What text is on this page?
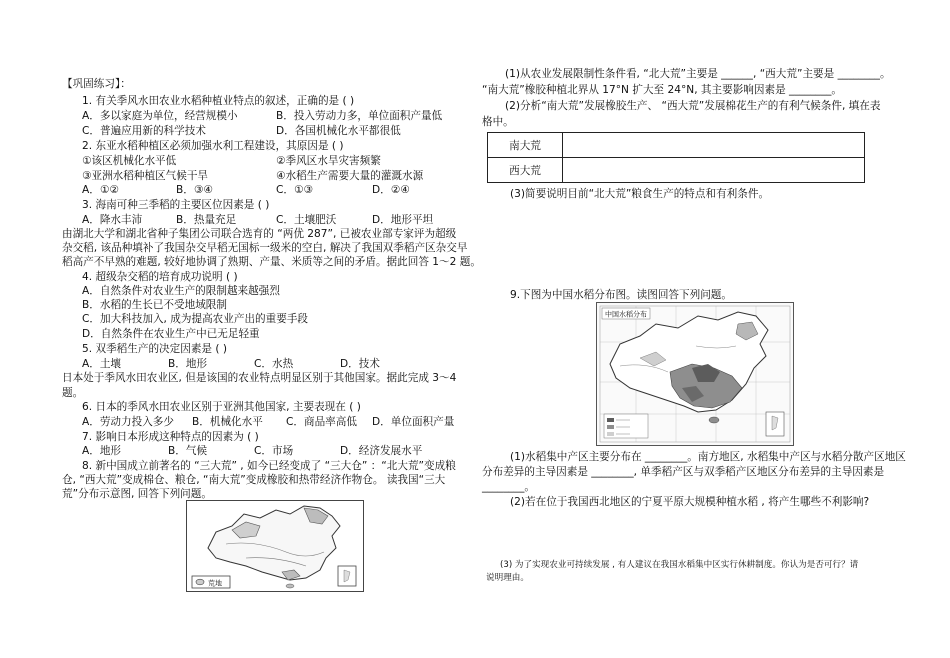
【巩固练习】：
1. 有关季风水田农业水稻种植业特点的叙述，正确的是 ( )
A．多以家庭为单位，经营规模小	B．投入劳动力多，单位面积产量低
C．普遍应用新的科学技术	D．各国机械化水平都很低
2. 东亚水稻种植区必须加强水利工程建设，其原因是 ( )
①该区机械化水平低	②季风区水旱灾害频繁
③亚洲水稻种植区气候干旱	④水稻生产需要大量的灌溉水源
A．①②	B．③④	C．①③	D．②④
3. 海南可种三季稻的主要区位因素是 ( )
A．降水丰沛	B．热量充足	C．土壤肥沃	D．地形平坦
由湖北大学和湖北省种子集团公司联合选育的 “两优 287”, 已被农业部专家评为超级
杂交稻, 该品种填补了我国杂交早稻无国标一级米的空白, 解决了我国双季稻产区杂交早
稻高产不早熟的难题, 较好地协调了熟期、产量、米质等之间的矛盾。据此回答 1～2 题。
4. 超级杂交稻的培育成功说明 ( )
A．自然条件对农业生产的限制越来越强烈
B．水稻的生长已不受地域限制
C．加大科技加入, 成为提高农业产出的重要手段
D．自然条件在农业生产中已无足轻重
5. 双季稻生产的决定因素是 ( )
A．土壤	B．地形	C．水热	D．技术
日本处于季风水田农业区, 但是该国的农业特点明显区别于其他国家。据此完成 3～4
题。
6. 日本的季风水田农业区别于亚洲其他国家, 主要表现在 ( )
A．劳动力投入多少 B．机械化水平 C．商品率高低 D．单位面积产量
7. 影响日本形成这种特点的因素为 ( )
A．地形	B．气候	C．市场	D．经济发展水平
8. 新中国成立前著名的 “三大荒” , 如今已经变成了 “三大仓” ：“北大荒”变成粮
仓, “西大荒”变成棉仓、粮仓, “南大荒”变成橡胶和热带经济作物仓。 读我国“三大
荒”分布示意图, 回答下列问题。
荒地
(1)从农业发展限制性条件看, “北大荒”主要是 ______, “西大荒”主要是 ________。
“南大荒”橡胶种植北界从 17°N 扩大至 24°N, 其主要影响因素是 ________。
(2)分析“南大荒”发展橡胶生产、 “西大荒”发展棉花生产的有利气候条件, 填在表
格中。
南大荒	
西大荒	
(3)简要说明目前“北大荒”粮食生产的特点和有利条件。
9.下图为中国水稻分布图。读图回答下列问题。
中国水稻分布
(1)水稻集中产区主要分布在 ________。南方地区, 水稻集中产区与水稻分散产区地区
分布差异的主导因素是 ________, 单季稻产区与双季稻产区地区分布差异的主导因素是
________。
(2)若在位于我国西北地区的宁夏平原大规模种植水稻 , 将产生哪些不利影响?
(3) 为了实现农业可持续发展 , 有人建议在我国水稻集中区实行休耕制度。你认为是否可行？请
说明理由。
